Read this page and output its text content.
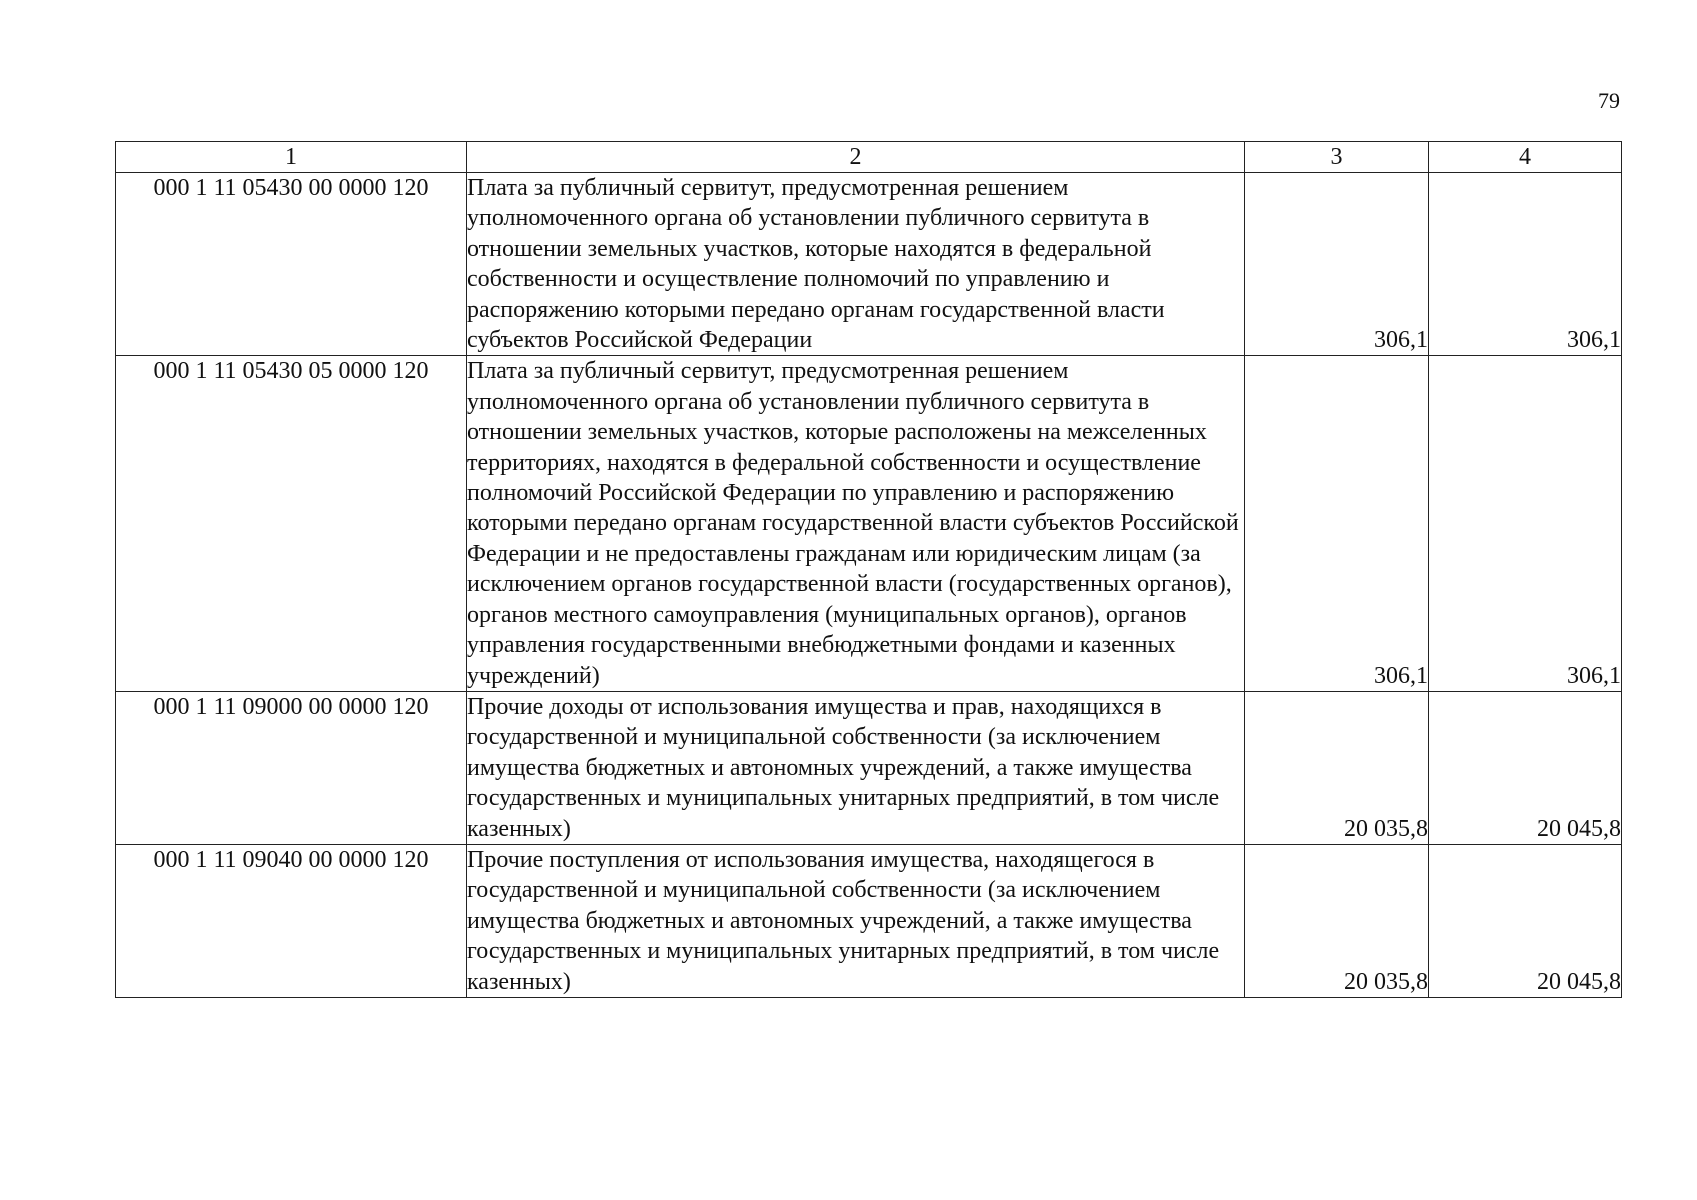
79
1	2	3	4
000 1 11 05430 00 0000 120	Плата за публичный сервитут, предусмотренная решением уполномоченного органа об установлении публичного сервитута в отношении земельных участков, которые находятся в федеральной собственности и осуществление полномочий по управлению и распоряжению которыми передано органам государственной власти субъектов Российской Федерации	306,1	306,1
000 1 11 05430 05 0000 120	Плата за публичный сервитут, предусмотренная решением уполномоченного органа об установлении публичного сервитута в отношении земельных участков, которые расположены на межселенных территориях, находятся в федеральной собственности и осуществление полномочий Российской Федерации по управлению и распоряжению которыми передано органам государственной власти субъектов Российской Федерации и не предоставлены гражданам или юридическим лицам (за исключением органов государственной власти (государственных органов), органов местного самоуправления (муниципальных органов), органов управления государственными внебюджетными фондами и казенных учреждений)	306,1	306,1
000 1 11 09000 00 0000 120	Прочие доходы от использования имущества и прав, находящихся в государственной и муниципальной собственности (за исключением имущества бюджетных и автономных учреждений, а также имущества государственных и муниципальных унитарных предприятий, в том числе казенных)	20 035,8	20 045,8
000 1 11 09040 00 0000 120	Прочие поступления от использования имущества, находящегося в государственной и муниципальной собственности (за исключением имущества бюджетных и автономных учреждений, а также имущества государственных и муниципальных унитарных предприятий, в том числе казенных)	20 035,8	20 045,8
